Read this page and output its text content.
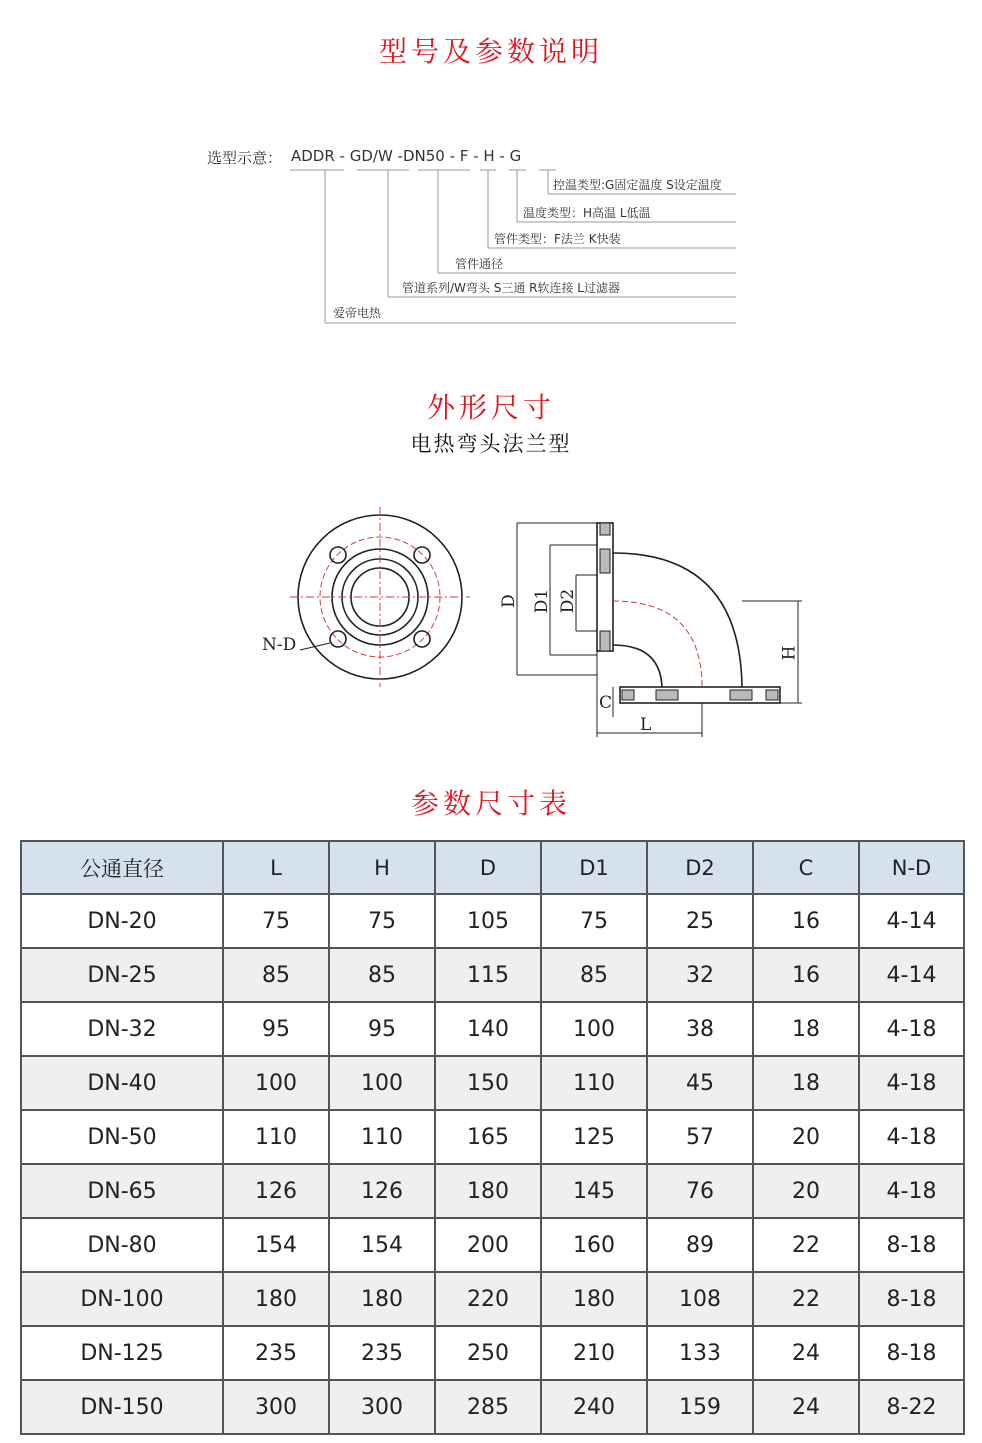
型号及参数说明
选型示意： ADDR - GD/W -DN50 - F - H - G
控温类型:G固定温度 S设定温度
温度类型：H高温 L低温
管件类型：F法兰 K快装
管件通径
管道系列/W弯头 S三通 R软连接 L过滤器
爱帝电热
外形尺寸
电热弯头法兰型
N-D
D D1 D2
H
C
L
参数尺寸表
公通直径	L	H	D	D1	D2	C	N-D
DN-20	75	75	105	75	25	16	4-14
DN-25	85	85	115	85	32	16	4-14
DN-32	95	95	140	100	38	18	4-18
DN-40	100	100	150	110	45	18	4-18
DN-50	110	110	165	125	57	20	4-18
DN-65	126	126	180	145	76	20	4-18
DN-80	154	154	200	160	89	22	8-18
DN-100	180	180	220	180	108	22	8-18
DN-125	235	235	250	210	133	24	8-18
DN-150	300	300	285	240	159	24	8-22
